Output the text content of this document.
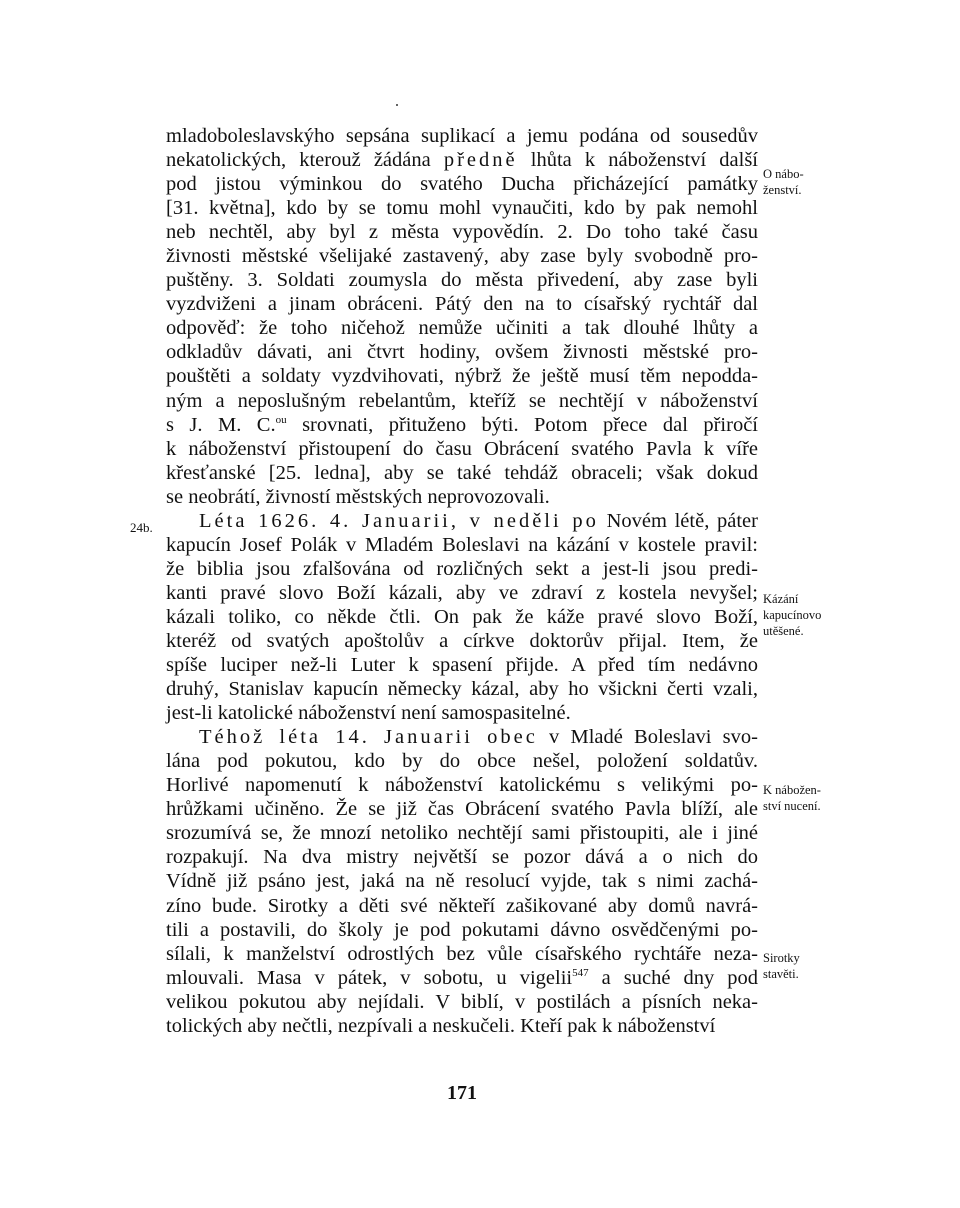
mladoboleslavskýho sepsána suplikací a jemu podána od sousedův
nekatolických, kterouž žádána předně lhůta k náboženství další
pod jistou výminkou do svatého Ducha přicházející památky
[31. května], kdo by se tomu mohl vynaučiti, kdo by pak nemohl
neb nechtěl, aby byl z města vypovědín. 2. Do toho také času
živnosti městské všelijaké zastavený, aby zase byly svobodně pro-
puštěny. 3. Soldati zoumysla do města přivedení, aby zase byli
vyzdviženi a jinam obráceni. Pátý den na to císařský rychtář dal
odpověď: že toho ničehož nemůže učiniti a tak dlouhé lhůty a
odkladův dávati, ani čtvrt hodiny, ovšem živnosti městské pro-
pouštěti a soldaty vyzdvihovati, nýbrž že ještě musí těm nepodda-
ným a neposlušným rebelantům, kteříž se nechtějí v náboženství
s J. M. C.$^{ou}$ srovnati, přituženo býti. Potom přece dal přiročí
k náboženství přistoupení do času Obrácení svatého Pavla k víře
křesťanské [25. ledna], aby se také tehdáž obraceli; však dokud
se neobrátí, živností městských neprovozovali.
Léta 1626. 4. Januarii, v neděli po Novém létě, páter
kapucín Josef Polák v Mladém Boleslavi na kázání v kostele pravil:
že biblia jsou zfalšována od rozličných sekt a jest-li jsou predi-
kanti pravé slovo Boží kázali, aby ve zdraví z kostela nevyšel;
kázali toliko, co někde čtli. On pak že káže pravé slovo Boží,
kteréž od svatých apoštolův a církve doktorův přijal. Item, že
spíše luciper než-li Luter k spasení přijde. A před tím nedávno
druhý, Stanislav kapucín německy kázal, aby ho všickni čerti vzali,
jest-li katolické náboženství není samospasitelné.
Téhož léta 14. Januarii obec v Mladé Boleslavi svo-
lána pod pokutou, kdo by do obce nešel, položení soldatův.
Horlivé napomenutí k náboženství katolickému s velikými po-
hrůžkami učiněno. Že se již čas Obrácení svatého Pavla blíží, ale
srozumívá se, že mnozí netoliko nechtějí sami přistoupiti, ale i jiné
rozpakují. Na dva mistry největší se pozor dává a o nich do
Vídně již psáno jest, jaká na ně resolucí vyjde, tak s nimi zachá-
zíno bude. Sirotky a děti své někteří zašikované aby domů navrá-
tili a postavili, do školy je pod pokutami dávno osvědčenými po-
sílali, k manželství odrostlých bez vůle císařského rychtáře neza-
mlouvali. Masa v pátek, v sobotu, u vigelii$^{547}$ a suché dny pod
velikou pokutou aby nejídali. V biblí, v postilách a písních neka-
tolických aby nečtli, nezpívali a neskučeli. Kteří pak k náboženství
O nábo-
ženství.
Kázání
kapucínovo
utěšené.
K nábožen-
ství nucení.
Sirotky
stavěti.
24b.
171
